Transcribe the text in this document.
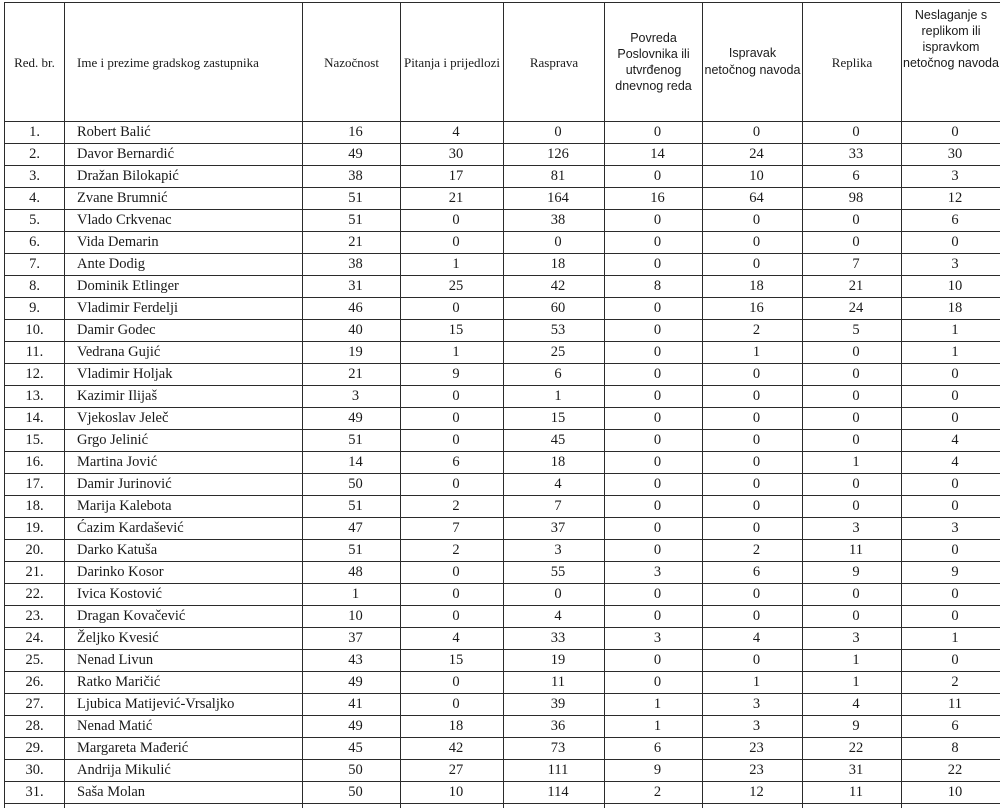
Red. br.	Ime i prezime gradskog zastupnika	Nazočnost	Pitanja i prijedlozi	Rasprava	Povreda Poslovnika ili utvrđenog dnevnog reda	Ispravak netočnog navoda	Replika	Neslaganje s replikom ili ispravkom netočnog navoda
1.	Robert Balić	16	4	0	0	0	0	0
2.	Davor Bernardić	49	30	126	14	24	33	30
3.	Dražan Bilokapić	38	17	81	0	10	6	3
4.	Zvane Brumnić	51	21	164	16	64	98	12
5.	Vlado Crkvenac	51	0	38	0	0	0	6
6.	Vida Demarin	21	0	0	0	0	0	0
7.	Ante Dodig	38	1	18	0	0	7	3
8.	Dominik Etlinger	31	25	42	8	18	21	10
9.	Vladimir Ferdelji	46	0	60	0	16	24	18
10.	Damir Godec	40	15	53	0	2	5	1
11.	Vedrana Gujić	19	1	25	0	1	0	1
12.	Vladimir Holjak	21	9	6	0	0	0	0
13.	Kazimir Ilijaš	3	0	1	0	0	0	0
14.	Vjekoslav Jeleč	49	0	15	0	0	0	0
15.	Grgo Jelinić	51	0	45	0	0	0	4
16.	Martina Jović	14	6	18	0	0	1	4
17.	Damir Jurinović	50	0	4	0	0	0	0
18.	Marija Kalebota	51	2	7	0	0	0	0
19.	Ćazim Kardašević	47	7	37	0	0	3	3
20.	Darko Katuša	51	2	3	0	2	11	0
21.	Darinko Kosor	48	0	55	3	6	9	9
22.	Ivica Kostović	1	0	0	0	0	0	0
23.	Dragan Kovačević	10	0	4	0	0	0	0
24.	Željko Kvesić	37	4	33	3	4	3	1
25.	Nenad Livun	43	15	19	0	0	1	0
26.	Ratko Maričić	49	0	11	0	1	1	2
27.	Ljubica Matijević-Vrsaljko	41	0	39	1	3	4	11
28.	Nenad Matić	49	18	36	1	3	9	6
29.	Margareta Mađerić	45	42	73	6	23	22	8
30.	Andrija Mikulić	50	27	111	9	23	31	22
31.	Saša Molan	50	10	114	2	12	11	10
